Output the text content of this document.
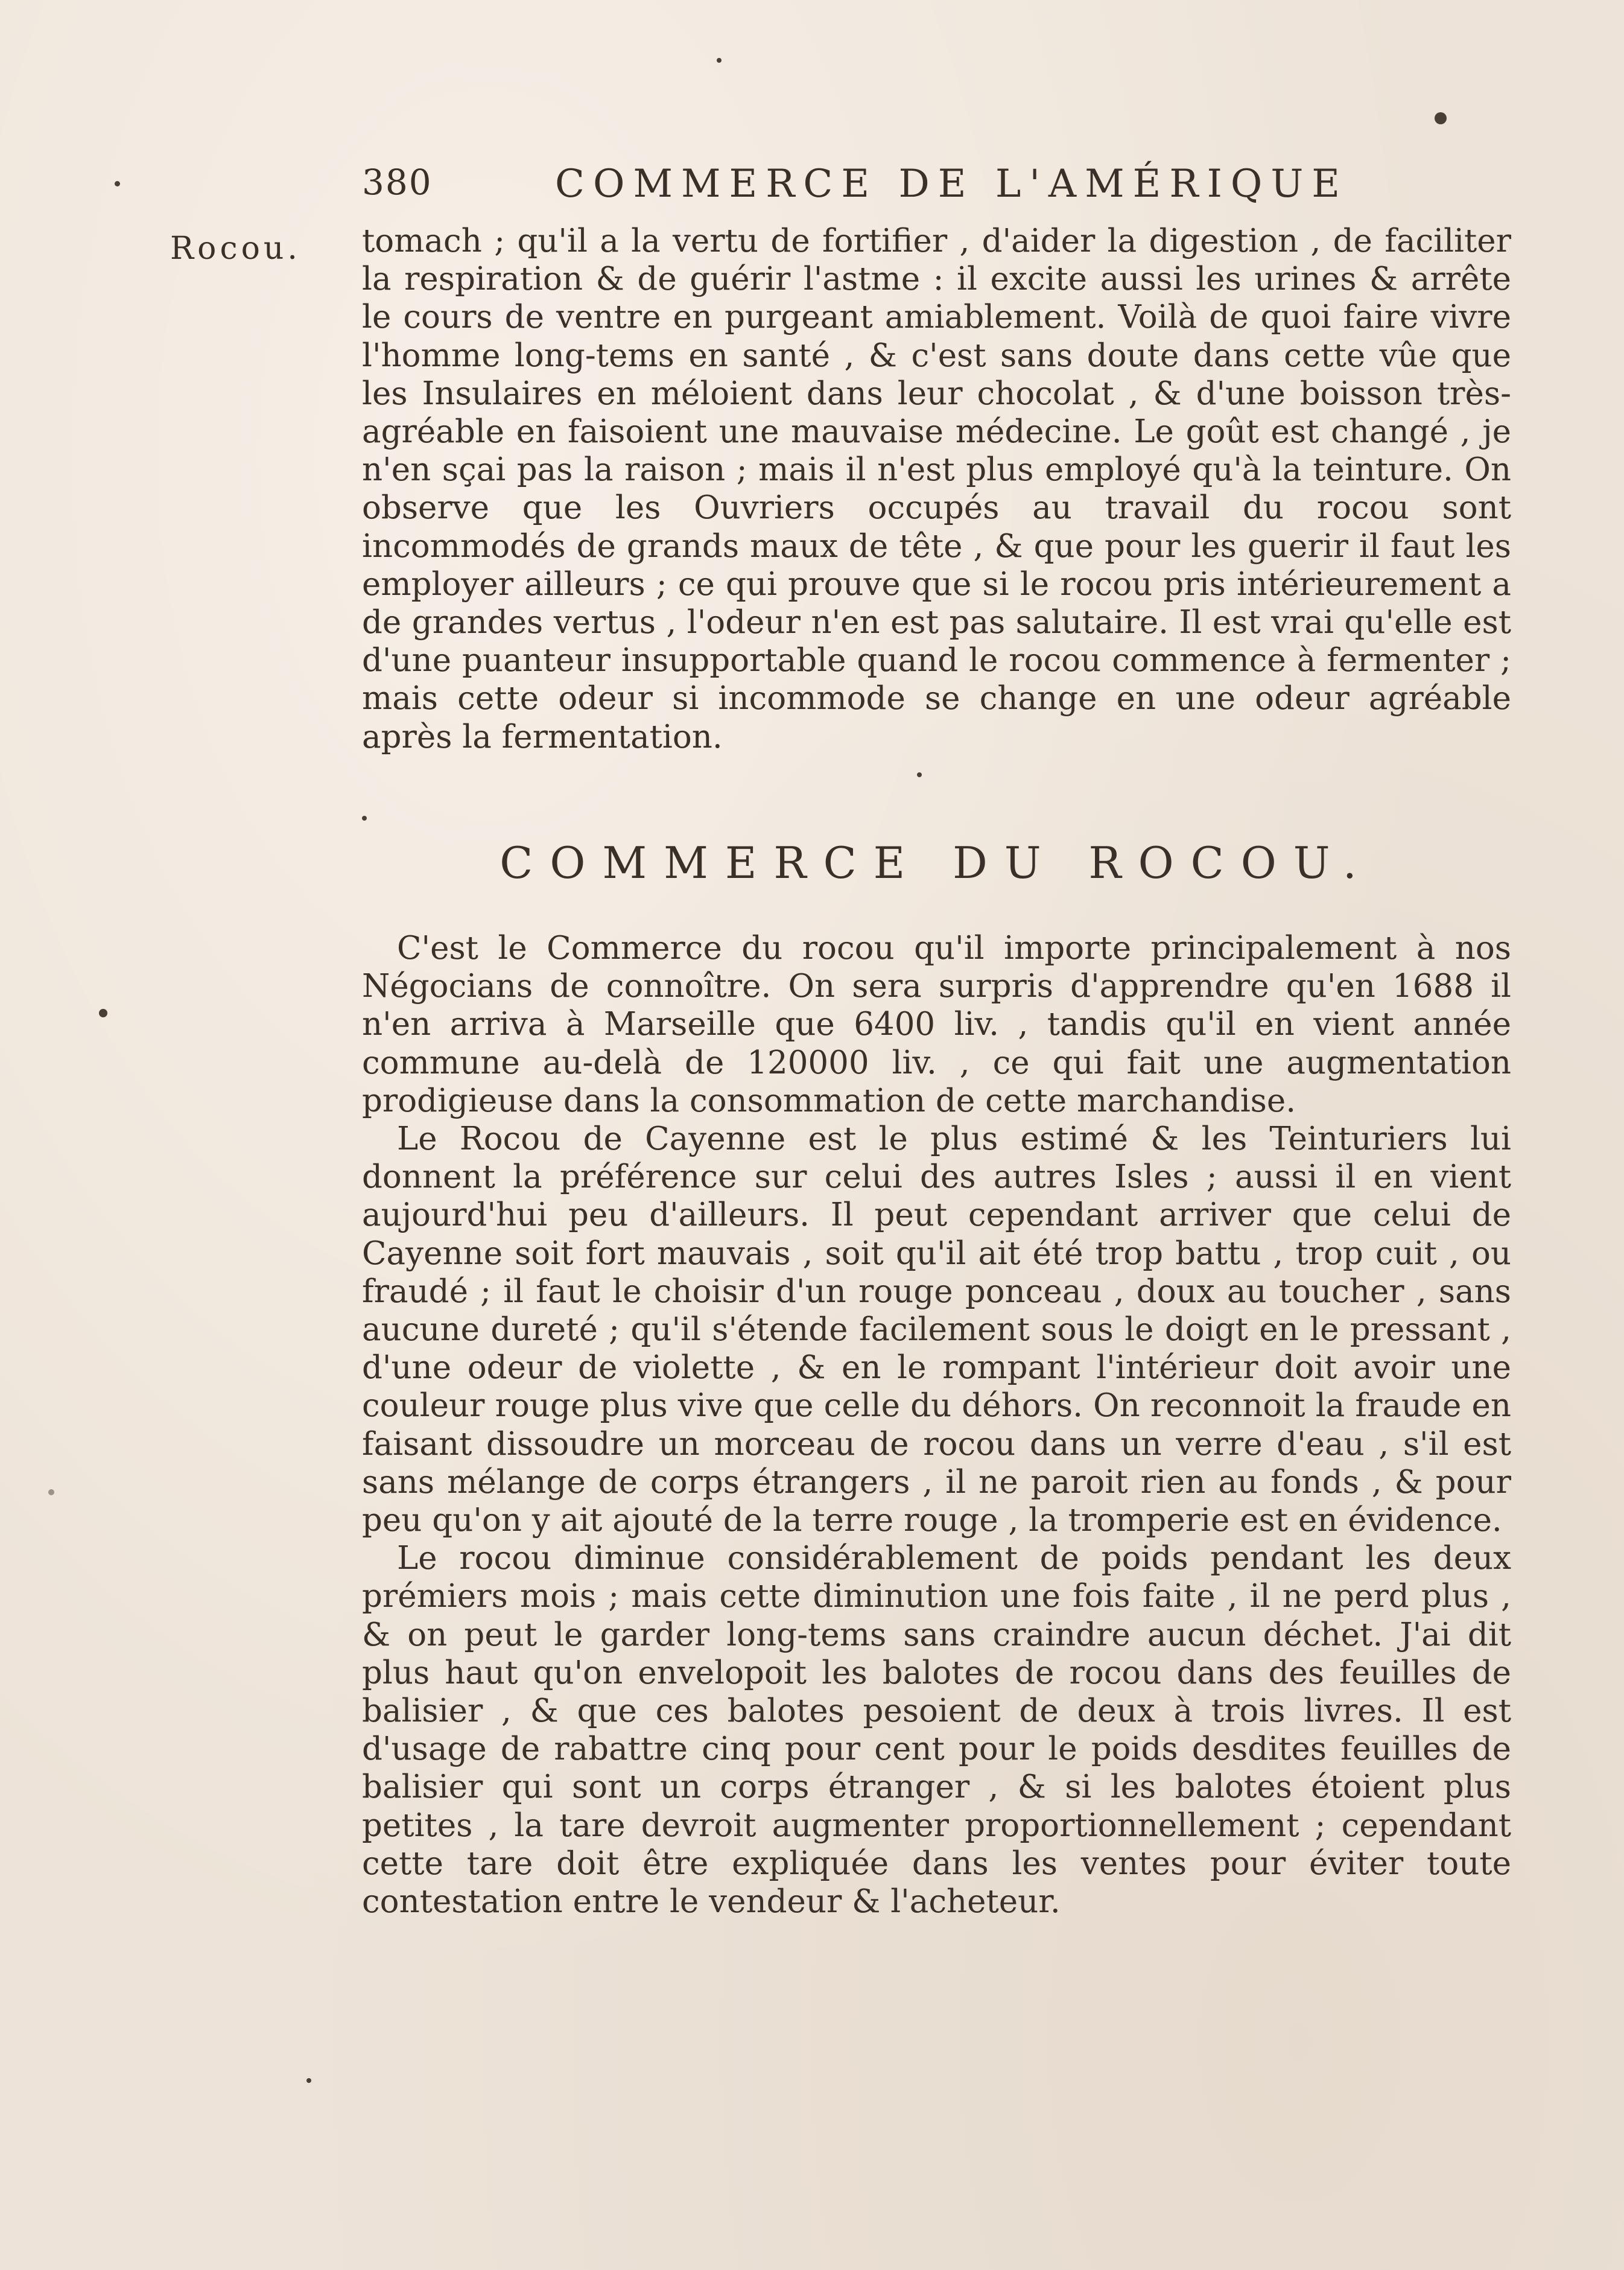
380	COMMERCE DE L'AMÉRIQUE
Rocou. tomach ; qu'il a la vertu de fortifier , d'aider la digestion , de faciliter la respiration & de guérir l'astme : il excite aussi les urines & arrête le cours de ventre en purgeant amiablement. Voilà de quoi faire vivre l'homme long-tems en santé , & c'est sans doute dans cette vûe que les Insulaires en méloient dans leur chocolat , & d'une boisson très-agréable en faisoient une mauvaise médecine. Le goût est changé , je n'en sçai pas la raison ; mais il n'est plus employé qu'à la teinture. On observe que les Ouvriers occupés au travail du rocou sont incommodés de grands maux de tête , & que pour les guerir il faut les employer ailleurs ; ce qui prouve que si le rocou pris intérieurement a de grandes vertus , l'odeur n'en est pas salutaire. Il est vrai qu'elle est d'une puanteur insupportable quand le rocou commence à fermenter ; mais cette odeur si incommode se change en une odeur agréable après la fermentation.

COMMERCE DU ROCOU.

C'est le Commerce du rocou qu'il importe principalement à nos Négocians de connoître. On sera surpris d'apprendre qu'en 1688 il n'en arriva à Marseille que 6400 liv. , tandis qu'il en vient année commune au-delà de 120000 liv. , ce qui fait une augmentation prodigieuse dans la consommation de cette marchandise.

Le Rocou de Cayenne est le plus estimé & les Teinturiers lui donnent la préférence sur celui des autres Isles ; aussi il en vient aujourd'hui peu d'ailleurs. Il peut cependant arriver que celui de Cayenne soit fort mauvais , soit qu'il ait été trop battu , trop cuit , ou fraudé ; il faut le choisir d'un rouge ponceau , doux au toucher , sans aucune dureté ; qu'il s'étende facilement sous le doigt en le pressant , d'une odeur de violette , & en le rompant l'intérieur doit avoir une couleur rouge plus vive que celle du déhors. On reconnoit la fraude en faisant dissoudre un morceau de rocou dans un verre d'eau , s'il est sans mélange de corps étrangers , il ne paroit rien au fonds , & pour peu qu'on y ait ajouté de la terre rouge , la tromperie est en évidence.

Le rocou diminue considérablement de poids pendant les deux prémiers mois ; mais cette diminution une fois faite , il ne perd plus , & on peut le garder long-tems sans craindre aucun déchet. J'ai dit plus haut qu'on envelopoit les balotes de rocou dans des feuilles de balisier , & que ces balotes pesoient de deux à trois livres. Il est d'usage de rabattre cinq pour cent pour le poids desdites feuilles de balisier qui sont un corps étranger , & si les balotes étoient plus petites , la tare devroit augmenter proportionnellement ; cependant cette tare doit être expliquée dans les ventes pour éviter toute contestation entre le vendeur & l'acheteur.
